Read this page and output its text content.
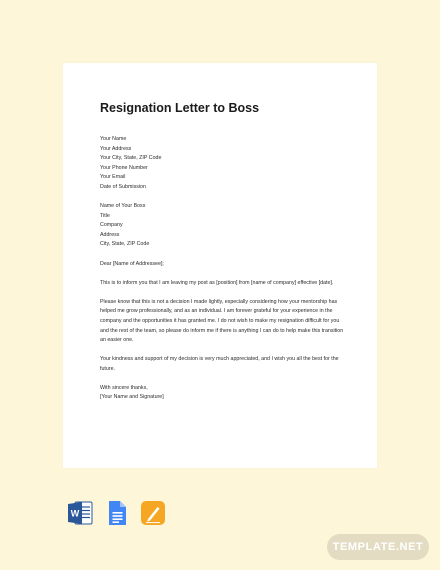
Resignation Letter to Boss
Your Name
Your Address
Your City, State, ZIP Code
Your Phone Number
Your Email
Date of Submission
Name of Your Boss
Title
Company
Address
City, State, ZIP Code
Dear [Name of Addressee];
This is to inform you that I am leaving my post as [position] from [name of company] effective [date].
Please know that this is not a decision I made lightly, especially considering how your mentorship has helped me grow professionally, and as an individual. I am forever grateful for your experience in the company and the opportunities it has granted me. I do not wish to make my resignation difficult for you and the rest of the team, so please do inform me if there is anything I can do to help make this transition an easier one.
Your kindness and support of my decision is very much appreciated, and I wish you all the best for the future.
With sincere thanks,
[Your Name and Signature]
W
TEMPLATE.NET
